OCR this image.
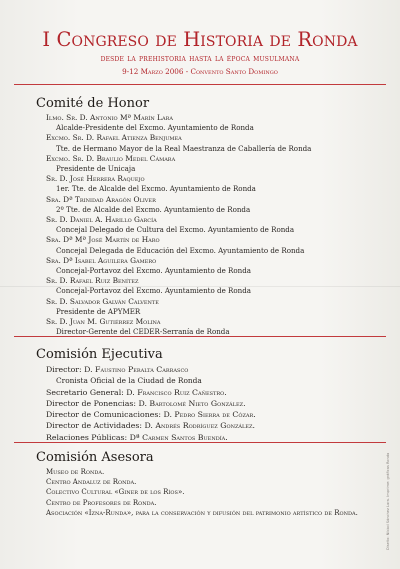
I Congreso de Historia de Ronda
desde la prehistoria hasta la época musulmana
9-12 Marzo 2006 - Convento Santo Domingo
Comité de Honor
Ilmo. Sr. D. Antonio Mª Marín Lara
Alcalde-Presidente del Excmo. Ayuntamiento de Ronda
Excmo. Sr. D. Rafael Atienza Benjumea
Tte. de Hermano Mayor de la Real Maestranza de Caballería de Ronda
Excmo. Sr. D. Braulio Medel Cámara
Presidente de Unicaja
Sr. D. José Herrera Raquejo
1er. Tte. de Alcalde del Excmo. Ayuntamiento de Ronda
Sra. Dª Trinidad Aragón Oliver
2º Tte. de Alcalde del Excmo. Ayuntamiento de Ronda
Sr. D. Daniel A. Harillo García
Concejal Delegado de Cultura del Excmo. Ayuntamiento de Ronda
Sra. Dª Mª José Martín de Haro
Concejal Delegada de Educación del Excmo. Ayuntamiento de Ronda
Sra. Dª Isabel Aguilera Gamero
Concejal-Portavoz del Excmo. Ayuntamiento de Ronda
Sr. D. Rafael Ruiz Benítez
Concejal-Portavoz del Excmo. Ayuntamiento de Ronda
Sr. D. Salvador Galván Calvente
Presidente de APYMER
Sr. D. Juan M. Gutiérrez Molina
Director-Gerente del CEDER-Serranía de Ronda
Comisión Ejecutiva
Director: D. Faustino Peralta Carrasco
Cronista Oficial de la Ciudad de Ronda
Secretario General: D. Francisco Ruiz Cañestro.
Director de Ponencias: D. Bartolomé Nieto González.
Director de Comunicaciones: D. Pedro Sierra de Cózar.
Director de Actividades: D. Andrés Rodríguez González.
Relaciones Públicas: Dª Carmen Santos Buendía.
Comisión Asesora
Museo de Ronda.
Centro Andaluz de Ronda.
Colectivo Cultural «Giner de los Ríos».
Centro de Profesores de Ronda.
Asociación «Izna-Runda», para la conservación y difusión del patrimonio artístico de Ronda.	Diseño: Nikkol Sánchez Lara. Imprime: gráficas Ronda
